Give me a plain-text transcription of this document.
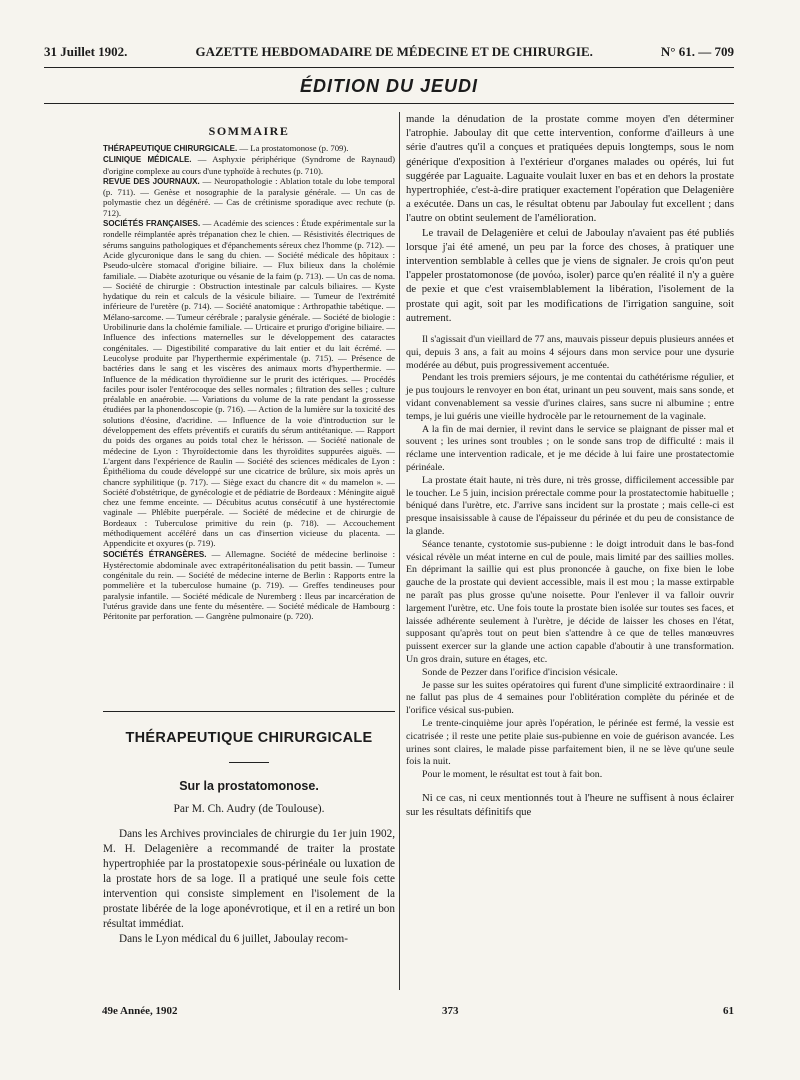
31 Juillet 1902.	GAZETTE HEBDOMADAIRE DE MÉDECINE ET DE CHIRURGIE.	N° 61. — 709
ÉDITION DU JEUDI
SOMMAIRE
THÉRAPEUTIQUE CHIRURGICALE. — La prostatomonose (p. 709).
CLINIQUE MÉDICALE. — Asphyxie périphérique (Syndrome de Raynaud) d'origine complexe au cours d'une typhoïde à rechutes (p. 710).
REVUE DES JOURNAUX. — Neuropathologie : Ablation totale du lobe temporal (p. 711). — Genèse et nosographie de la paralysie générale. — Un cas de polymastie chez un dégénéré. — Cas de crétinisme sporadique avec rechute (p. 712).
SOCIÉTÉS FRANÇAISES. — Académie des sciences : Étude expérimentale sur la rondelle réimplantée après trépanation chez le chien. — Résistivités électriques de sérums sanguins pathologiques et d'épanchements séreux chez l'homme (p. 712). — Acide glycuronique dans le sang du chien. — Société médicale des hôpitaux : Pseudo-ulcère stomacal d'origine biliaire. — Flux bilieux dans la cholémie familiale. — Diabète azoturique ou vésanie de la faim (p. 713). — Un cas de noma. — Société de chirurgie : Obstruction intestinale par calculs biliaires. — Kyste hydatique du rein et calculs de la vésicule biliaire. — Tumeur de l'extrémité inférieure de l'uretère (p. 714). — Société anatomique : Arthropathie tabétique. — Mélano-sarcome. — Tumeur cérébrale ; paralysie générale. — Société de biologie : Urobilinurie dans la cholémie familiale. — Urticaire et prurigo d'origine biliaire. — Influence des infections maternelles sur le développement des cataractes congénitales. — Digestibilité comparative du lait entier et du lait écrémé. — Leucolyse produite par l'hyperthermie expérimentale (p. 715). — Présence de bactéries dans le sang et les viscères des animaux morts d'hyperthermie. — Influence de la médication thyroïdienne sur le prurit des ictériques. — Procédés faciles pour isoler l'entérocoque des selles normales ; filtration des selles ; culture préalable en anaérobie. — Variations du volume de la rate pendant la grossesse étudiées par la phonendoscopie (p. 716). — Action de la lumière sur la toxicité des solutions d'éosine, d'acridine. — Influence de la voie d'introduction sur le développement des effets préventifs et curatifs du sérum antitétanique. — Rapport du poids des organes au poids total chez le hérisson. — Société nationale de médecine de Lyon : Thyroïdectomie dans les thyroïdites suppurées aiguës. — L'argent dans l'expérience de Raulin — Société des sciences médicales de Lyon : Épithélioma du coude développé sur une cicatrice de brûlure, six mois après un chancre syphilitique (p. 717). — Siège exact du chancre dit « du mamelon ». — Société d'obstétrique, de gynécologie et de pédiatrie de Bordeaux : Méningite aiguë chez une femme enceinte. — Décubitus acutus consécutif à une hystérectomie vaginale — Phlébite puerpérale. — Société de médecine et de chirurgie de Bordeaux : Tuberculose primitive du rein (p. 718). — Accouchement méthodiquement accéléré dans un cas d'insertion vicieuse du placenta. — Appendicite et oxyures (p. 719).
SOCIÉTÉS ÉTRANGÈRES. — Allemagne. Société de médecine berlinoise : Hystérectomie abdominale avec extrapéritonéalisation du petit bassin. — Tumeur congénitale du rein. — Société de médecine interne de Berlin : Rapports entre la pommelière et la tuberculose humaine (p. 719). — Greffes tendineuses pour paralysie infantile. — Société médicale de Nuremberg : Ileus par incarcération de l'utérus gravide dans une fente du mésentère. — Société médicale de Hambourg : Péritonite par perforation. — Gangrène pulmonaire (p. 720).
THÉRAPEUTIQUE CHIRURGICALE
Sur la prostatomonose.
Par M. Ch. Audry (de Toulouse).

Dans les Archives provinciales de chirurgie du 1er juin 1902, M. H. Delagenière a recommandé de traiter la prostate hypertrophiée par la prostatopexie sous-périnéale ou luxation de la prostate hors de sa loge. Il a pratiqué une seule fois cette intervention qui consiste simplement en l'isolement de la prostate libérée de la loge aponévrotique, et il en a retiré un bon résultat immédiat.

Dans le Lyon médical du 6 juillet, Jaboulay recom-

mande la dénudation de la prostate comme moyen d'en déterminer l'atrophie. Jaboulay dit que cette intervention, conforme d'ailleurs à une série d'autres qu'il a conçues et pratiquées depuis longtemps, sous le nom générique d'exposition à l'extérieur d'organes malades ou opérés, lui fut suggérée par Laguaite. Laguaite voulait luxer en bas et en dehors la prostate hypertrophiée, c'est-à-dire pratiquer exactement l'opération que Delagenière a exécutée. Dans un cas, le résultat obtenu par Jaboulay fut excellent ; dans l'autre on obtint seulement de l'amélioration.

Le travail de Delagenière et celui de Jaboulay n'avaient pas été publiés lorsque j'ai été amené, un peu par la force des choses, à pratiquer une intervention semblable à celles que je viens de signaler. Je crois qu'on peut l'appeler prostatomonose (de μονόω, isoler) parce qu'en réalité il n'y a guère de pexie et que c'est vraisemblablement la libération, l'isolement de la prostate qui agit, soit par les modifications de l'irrigation sanguine, soit autrement.

Il s'agissait d'un vieillard de 77 ans, mauvais pisseur depuis plusieurs années et qui, depuis 3 ans, a fait au moins 4 séjours dans mon service pour une dysurie modérée au début, puis progressivement accentuée.

Pendant les trois premiers séjours, je me contentai du cathétérisme régulier, et je pus toujours le renvoyer en bon état, urinant un peu souvent, mais sans sonde, et vidant convenablement sa vessie d'urines claires, sans sucre ni albumine ; entre temps, je lui guéris une vieille hydrocèle par le retournement de la vaginale.

A la fin de mai dernier, il revint dans le service se plaignant de pisser mal et souvent ; les urines sont troubles ; on le sonde sans trop de difficulté : mais il réclame une intervention radicale, et je me décide à lui faire une prostatectomie périnéale.

La prostate était haute, ni très dure, ni très grosse, difficilement accessible par le toucher. Le 5 juin, incision prérectale comme pour la prostatectomie habituelle ; béniqué dans l'urètre, etc. J'arrive sans incident sur la prostate ; mais celle-ci est presque insaisissable à cause de l'épaisseur du périnée et du peu de consistance de la glande.

Séance tenante, cystotomie sus-pubienne : le doigt introduit dans le bas-fond vésical révèle un méat interne en cul de poule, mais limité par des saillies molles. En déprimant la saillie qui est plus prononcée à gauche, on fixe bien le lobe gauche de la prostate qui devient accessible, mais il est mou ; la masse extirpable ne paraît pas plus grosse qu'une noisette. Pour l'enlever il va falloir ouvrir largement l'urètre, etc. Une fois toute la prostate bien isolée sur toutes ses faces, et laissée adhérente seulement à l'urètre, je décide de laisser les choses en l'état, supposant qu'après tout on peut bien s'attendre à ce que de telles manœuvres puissent exercer sur la glande une action capable d'aboutir à une transformation. Un gros drain, suture en étages, etc.

Sonde de Pezzer dans l'orifice d'incision vésicale.

Je passe sur les suites opératoires qui furent d'une simplicité extraordinaire : il ne fallut pas plus de 4 semaines pour l'oblitération complète du périnée et de l'orifice vésical sus-pubien.

Le trente-cinquième jour après l'opération, le périnée est fermé, la vessie est cicatrisée ; il reste une petite plaie sus-pubienne en voie de guérison avancée. Les urines sont claires, le malade pisse parfaitement bien, il ne se lève qu'une seule fois la nuit.

Pour le moment, le résultat est tout à fait bon.

Ni ce cas, ni ceux mentionnés tout à l'heure ne suffisent à nous éclairer sur les résultats définitifs que

49e Année, 1902	373	61
